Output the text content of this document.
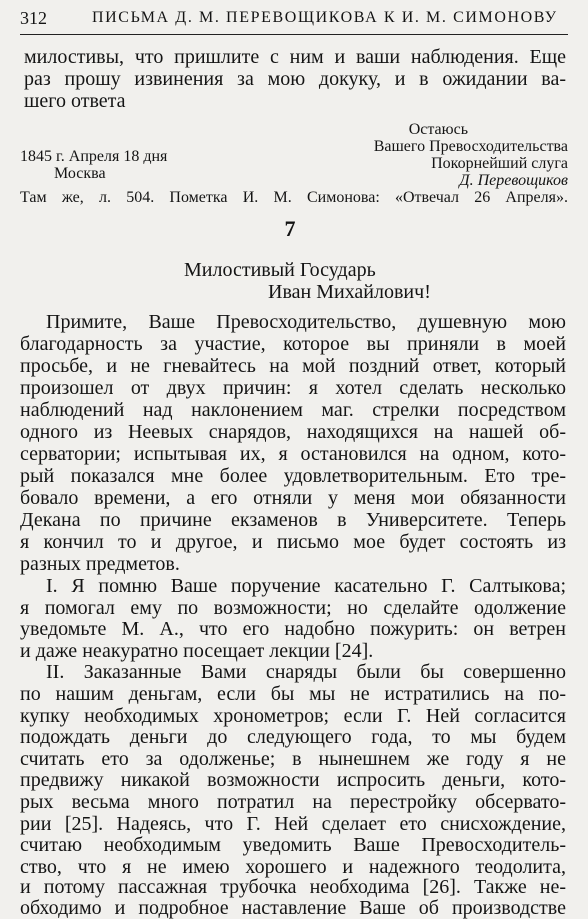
312	ПИСЬМА Д. М. ПЕРЕВОЩИКОВА К И. М. СИМОНОВУ
милостивы, что пришлите с ним и ваши наблюдения. Еще
раз прошу извинения за мою докуку, и в ожидании ва-
шего ответа
Остаюсь
Вашего Превосходительства
1845 г. Апреля 18 дня	Покорнейший слуга
Москва	Д. Перевощиков
Там же, л. 504. Пометка И. М. Симонова: «Отвечал 26 Апреля».
7
Милостивый Государь
Иван Михайлович!
Примите, Ваше Превосходительство, душевную мою
благодарность за участие, которое вы приняли в моей
просьбе, и не гневайтесь на мой поздний ответ, который
произошел от двух причин: я хотел сделать несколько
наблюдений над наклонением маг. стрелки посредством
одного из Неевых снарядов, находящихся на нашей об-
серватории; испытывая их, я остановился на одном, кото-
рый показался мне более удовлетворительным. Ето тре-
бовало времени, а его отняли у меня мои обязанности
Декана по причине екзаменов в Университете. Теперь
я кончил то и другое, и письмо мое будет состоять из
разных предметов.
I. Я помню Ваше поручение касательно Г. Салтыкова;
я помогал ему по возможности; но сделайте одолжение
уведомьте М. А., что его надобно пожурить: он ветрен
и даже неакуратно посещает лекции [24].
II. Заказанные Вами снаряды были бы совершенно
по нашим деньгам, если бы мы не истратились на по-
купку необходимых хронометров; если Г. Ней согласится
подождать деньги до следующего года, то мы будем
считать ето за одолженье; в нынешнем же году я не
предвижу никакой возможности испросить деньги, кото-
рых весьма много потратил на перестройку обсервато-
рии [25]. Надеясь, что Г. Ней сделает ето снисхождение,
считаю необходимым уведомить Ваше Превосходитель-
ство, что я не имею хорошего и надежного теодолита,
и потому пассажная трубочка необходима [26]. Также не-
обходимо и подробное наставление Ваше об производстве
